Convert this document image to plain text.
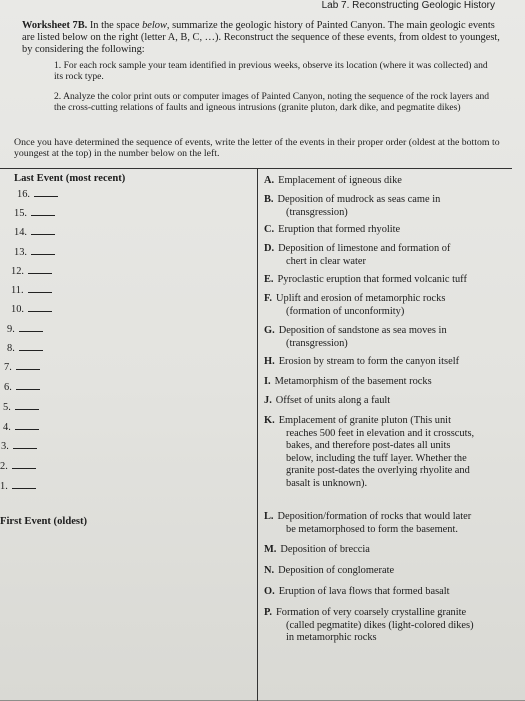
Lab 7. Reconstructing Geologic History
Worksheet 7B. In the space below, summarize the geologic history of Painted Canyon. The main geologic events are listed below on the right (letter A, B, C, …). Reconstruct the sequence of these events, from oldest to youngest, by considering the following:

1. For each rock sample your team identified in previous weeks, observe its location (where it was collected) and its rock type.

2. Analyze the color print outs or computer images of Painted Canyon, noting the sequence of the rock layers and the cross-cutting relations of faults and igneous intrusions (granite pluton, dark dike, and pegmatite dikes)

Once you have determined the sequence of events, write the letter of the events in their proper order (oldest at the bottom to youngest at the top) in the number below on the left.
Last Event (most recent)
16.
15.
14.
13.
12.
11.
10.
9.
8.
7.
6.
5.
4.
3.
2.
1.
First Event (oldest)
A. Emplacement of igneous dike
B. Deposition of mudrock as seas came in
(transgression)
C. Eruption that formed rhyolite
D. Deposition of limestone and formation of
chert in clear water
E. Pyroclastic eruption that formed volcanic tuff
F. Uplift and erosion of metamorphic rocks
(formation of unconformity)
G. Deposition of sandstone as sea moves in
(transgression)
H. Erosion by stream to form the canyon itself
I. Metamorphism of the basement rocks
J. Offset of units along a fault
K. Emplacement of granite pluton (This unit
reaches 500 feet in elevation and it crosscuts,
bakes, and therefore post-dates all units
below, including the tuff layer. Whether the
granite post-dates the overlying rhyolite and
basalt is unknown).
L. Deposition/formation of rocks that would later
be metamorphosed to form the basement.
M. Deposition of breccia
N. Deposition of conglomerate
O. Eruption of lava flows that formed basalt
P. Formation of very coarsely crystalline granite
(called pegmatite) dikes (light-colored dikes)
in metamorphic rocks
